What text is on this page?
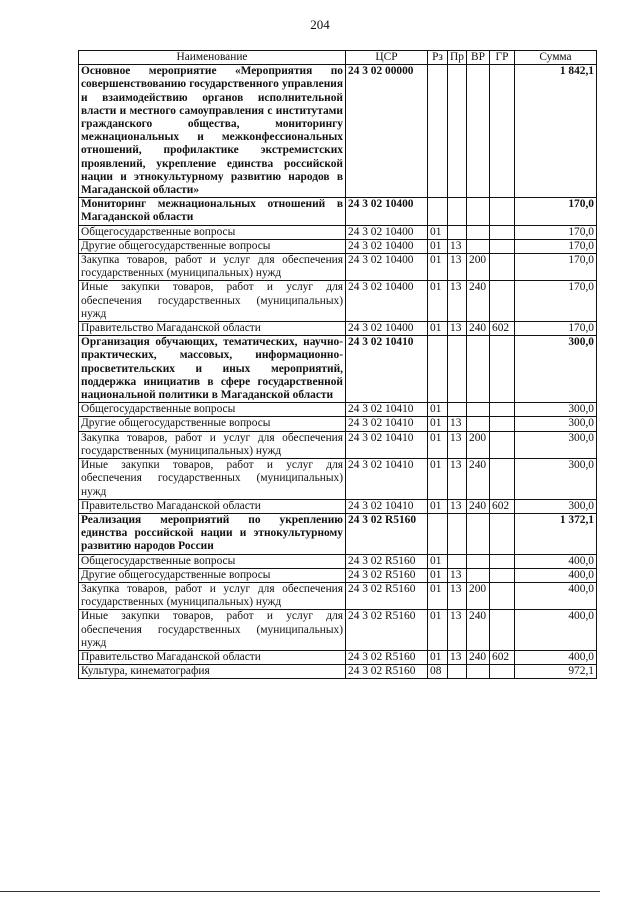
204
Наименование	ЦСР	Рз	Пр	ВР	ГР	Сумма
Основное мероприятие «Мероприятия по совершенствованию государственного управления и взаимодействию органов исполнительной власти и местного самоуправления с институтами гражданского общества, мониторингу межнациональных и межконфессиональных отношений, профилактике экстремистских проявлений, укрепление единства российской нации и этнокультурному развитию народов в Магаданской области»	24 3 02 00000					1 842,1
Мониторинг межнациональных отношений в Магаданской области	24 3 02 10400					170,0
Общегосударственные вопросы	24 3 02 10400	01				170,0
Другие общегосударственные вопросы	24 3 02 10400	01	13			170,0
Закупка товаров, работ и услуг для обеспечения государственных (муниципальных) нужд	24 3 02 10400	01	13	200		170,0
Иные закупки товаров, работ и услуг для обеспечения государственных (муниципальных) нужд	24 3 02 10400	01	13	240		170,0
Правительство Магаданской области	24 3 02 10400	01	13	240	602	170,0
Организация обучающих, тематических, научно-практических, массовых, информационно-просветительских и иных мероприятий, поддержка инициатив в сфере государственной национальной политики в Магаданской области	24 3 02 10410					300,0
Общегосударственные вопросы	24 3 02 10410	01				300,0
Другие общегосударственные вопросы	24 3 02 10410	01	13			300,0
Закупка товаров, работ и услуг для обеспечения государственных (муниципальных) нужд	24 3 02 10410	01	13	200		300,0
Иные закупки товаров, работ и услуг для обеспечения государственных (муниципальных) нужд	24 3 02 10410	01	13	240		300,0
Правительство Магаданской области	24 3 02 10410	01	13	240	602	300,0
Реализация мероприятий по укреплению единства российской нации и этнокультурному развитию народов России	24 3 02 R5160					1 372,1
Общегосударственные вопросы	24 3 02 R5160	01				400,0
Другие общегосударственные вопросы	24 3 02 R5160	01	13			400,0
Закупка товаров, работ и услуг для обеспечения государственных (муниципальных) нужд	24 3 02 R5160	01	13	200		400,0
Иные закупки товаров, работ и услуг для обеспечения государственных (муниципальных) нужд	24 3 02 R5160	01	13	240		400,0
Правительство Магаданской области	24 3 02 R5160	01	13	240	602	400,0
Культура, кинематография	24 3 02 R5160	08				972,1
